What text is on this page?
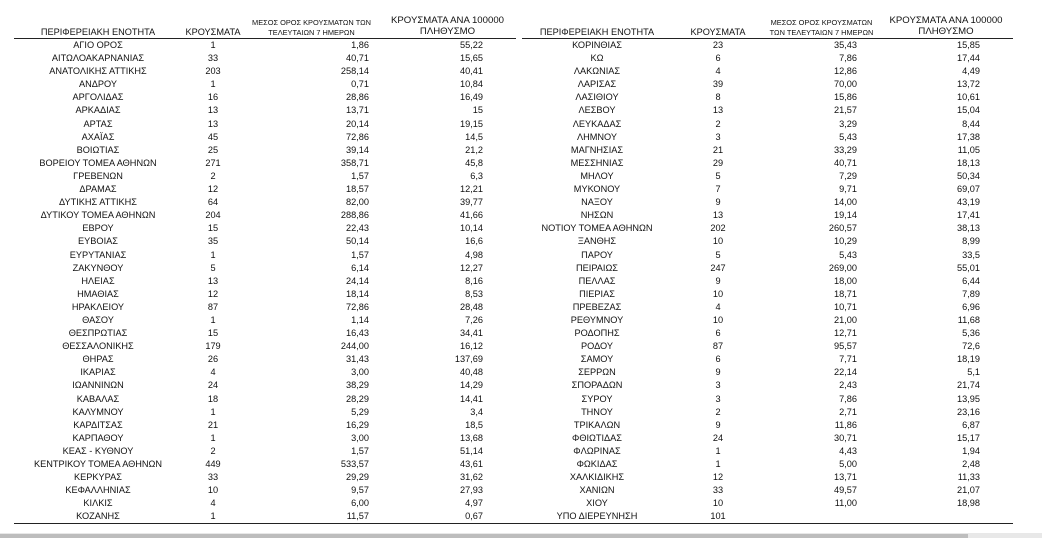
ΠΕΡΙΦΕΡΕΙΑΚΗ ΕΝΟΤΗΤΑ	ΚΡΟΥΣΜΑΤΑ	ΜΕΣΟΣ ΟΡΟΣ ΚΡΟΥΣΜΑΤΩΝ ΤΩΝ ΤΕΛΕΥΤΑΙΩΝ 7 ΗΜΕΡΩΝ	ΚΡΟΥΣΜΑΤΑ ΑΝΑ 100000 ΠΛΗΘΥΣΜΟ
ΑΓΙΟ ΟΡΟΣ	1	1,86	55,22
ΑΙΤΩΛΟΑΚΑΡΝΑΝΙΑΣ	33	40,71	15,65
ΑΝΑΤΟΛΙΚΗΣ ΑΤΤΙΚΗΣ	203	258,14	40,41
ΑΝΔΡΟΥ	1	0,71	10,84
ΑΡΓΟΛΙΔΑΣ	16	28,86	16,49
ΑΡΚΑΔΙΑΣ	13	13,71	15
ΑΡΤΑΣ	13	20,14	19,15
ΑΧΑΪΑΣ	45	72,86	14,5
ΒΟΙΩΤΙΑΣ	25	39,14	21,2
ΒΟΡΕΙΟΥ ΤΟΜΕΑ ΑΘΗΝΩΝ	271	358,71	45,8
ΓΡΕΒΕΝΩΝ	2	1,57	6,3
ΔΡΑΜΑΣ	12	18,57	12,21
ΔΥΤΙΚΗΣ ΑΤΤΙΚΗΣ	64	82,00	39,77
ΔΥΤΙΚΟΥ ΤΟΜΕΑ ΑΘΗΝΩΝ	204	288,86	41,66
ΕΒΡΟΥ	15	22,43	10,14
ΕΥΒΟΙΑΣ	35	50,14	16,6
ΕΥΡΥΤΑΝΙΑΣ	1	1,57	4,98
ΖΑΚΥΝΘΟΥ	5	6,14	12,27
ΗΛΕΙΑΣ	13	24,14	8,16
ΗΜΑΘΙΑΣ	12	18,14	8,53
ΗΡΑΚΛΕΙΟΥ	87	72,86	28,48
ΘΑΣΟΥ	1	1,14	7,26
ΘΕΣΠΡΩΤΙΑΣ	15	16,43	34,41
ΘΕΣΣΑΛΟΝΙΚΗΣ	179	244,00	16,12
ΘΗΡΑΣ	26	31,43	137,69
ΙΚΑΡΙΑΣ	4	3,00	40,48
ΙΩΑΝΝΙΝΩΝ	24	38,29	14,29
ΚΑΒΑΛΑΣ	18	28,29	14,41
ΚΑΛΥΜΝΟΥ	1	5,29	3,4
ΚΑΡΔΙΤΣΑΣ	21	16,29	18,5
ΚΑΡΠΑΘΟΥ	1	3,00	13,68
ΚΕΑΣ - ΚΥΘΝΟΥ	2	1,57	51,14
ΚΕΝΤΡΙΚΟΥ ΤΟΜΕΑ ΑΘΗΝΩΝ	449	533,57	43,61
ΚΕΡΚΥΡΑΣ	33	29,29	31,62
ΚΕΦΑΛΛΗΝΙΑΣ	10	9,57	27,93
ΚΙΛΚΙΣ	4	6,00	4,97
ΚΟΖΑΝΗΣ	1	11,57	0,67
ΠΕΡΙΦΕΡΕΙΑΚΗ ΕΝΟΤΗΤΑ	ΚΡΟΥΣΜΑΤΑ	ΜΕΣΟΣ ΟΡΟΣ ΚΡΟΥΣΜΑΤΩΝ ΤΩΝ ΤΕΛΕΥΤΑΙΩΝ 7 ΗΜΕΡΩΝ	ΚΡΟΥΣΜΑΤΑ ΑΝΑ 100000 ΠΛΗΘΥΣΜΟ
ΚΟΡΙΝΘΙΑΣ	23	35,43	15,85
ΚΩ	6	7,86	17,44
ΛΑΚΩΝΙΑΣ	4	12,86	4,49
ΛΑΡΙΣΑΣ	39	70,00	13,72
ΛΑΣΙΘΙΟΥ	8	15,86	10,61
ΛΕΣΒΟΥ	13	21,57	15,04
ΛΕΥΚΑΔΑΣ	2	3,29	8,44
ΛΗΜΝΟΥ	3	5,43	17,38
ΜΑΓΝΗΣΙΑΣ	21	33,29	11,05
ΜΕΣΣΗΝΙΑΣ	29	40,71	18,13
ΜΗΛΟΥ	5	7,29	50,34
ΜΥΚΟΝΟΥ	7	9,71	69,07
ΝΑΞΟΥ	9	14,00	43,19
ΝΗΣΩΝ	13	19,14	17,41
ΝΟΤΙΟΥ ΤΟΜΕΑ ΑΘΗΝΩΝ	202	260,57	38,13
ΞΑΝΘΗΣ	10	10,29	8,99
ΠΑΡΟΥ	5	5,43	33,5
ΠΕΙΡΑΙΩΣ	247	269,00	55,01
ΠΕΛΛΑΣ	9	18,00	6,44
ΠΙΕΡΙΑΣ	10	18,71	7,89
ΠΡΕΒΕΖΑΣ	4	10,71	6,96
ΡΕΘΥΜΝΟΥ	10	21,00	11,68
ΡΟΔΟΠΗΣ	6	12,71	5,36
ΡΟΔΟΥ	87	95,57	72,6
ΣΑΜΟΥ	6	7,71	18,19
ΣΕΡΡΩΝ	9	22,14	5,1
ΣΠΟΡΑΔΩΝ	3	2,43	21,74
ΣΥΡΟΥ	3	7,86	13,95
ΤΗΝΟΥ	2	2,71	23,16
ΤΡΙΚΑΛΩΝ	9	11,86	6,87
ΦΘΙΩΤΙΔΑΣ	24	30,71	15,17
ΦΛΩΡΙΝΑΣ	1	4,43	1,94
ΦΩΚΙΔΑΣ	1	5,00	2,48
ΧΑΛΚΙΔΙΚΗΣ	12	13,71	11,33
ΧΑΝΙΩΝ	33	49,57	21,07
ΧΙΟΥ	10	11,00	18,98
ΥΠΟ ΔΙΕΡΕΥΝΗΣΗ	101		
